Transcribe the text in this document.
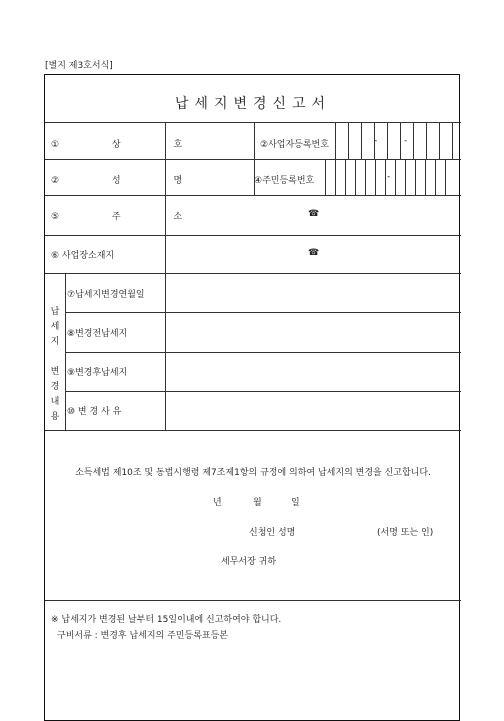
[별지 제3호서식]
납세지변경신고서
① 상 호	②사업자등록번호	-	-
② 성 명	④주민등록번호	-
⑤ 주 소	☎
⑥ 사업장소재지	☎
납
세
지

변
경
내
용
⑦납세지변경연월일
⑧변경전납세지
⑨변경후납세지
⑩ 변 경 사 유
소득세법 제10조 및 동법시행령 제7조제1항의 규정에 의하여 납세지의 변경을 신고합니다.
년	월	일
신청인 성명	(서명 또는 인)
세무서장 귀하
※ 납세지가 변경된 날부터 15일이내에 신고하여야 합니다.
구비서류 : 변경후 납세지의 주민등록표등본
